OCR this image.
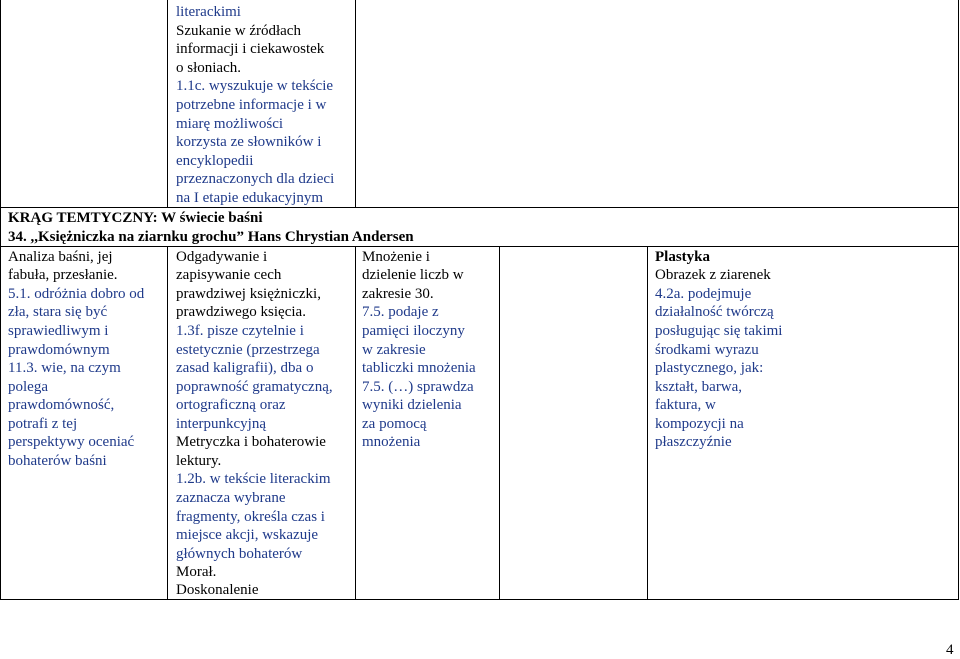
literackimi
Szukanie w źródłach
informacji i ciekawostek
o słoniach.
1.1c. wyszukuje w tekście
potrzebne informacje i w
miarę możliwości
korzysta ze słowników i
encyklopedii
przeznaczonych dla dzieci
na I etapie edukacyjnym
KRĄG TEMTYCZNY: W świecie baśni
34. ,,Księżniczka na ziarnku grochu” Hans Chrystian Andersen
Analiza baśni, jej
fabuła, przesłanie.
5.1. odróżnia dobro od
zła, stara się być
sprawiedliwym i
prawdomównym
11.3. wie, na czym
polega
prawdomówność,
potrafi z tej
perspektywy oceniać
bohaterów baśni
Odgadywanie i
zapisywanie cech
prawdziwej księżniczki,
prawdziwego księcia.
1.3f. pisze czytelnie i
estetycznie (przestrzega
zasad kaligrafii), dba o
poprawność gramatyczną,
ortograficzną oraz
interpunkcyjną
Metryczka i bohaterowie
lektury.
1.2b. w tekście literackim
zaznacza wybrane
fragmenty, określa czas i
miejsce akcji, wskazuje
głównych bohaterów
Morał.
Doskonalenie
Mnożenie i
dzielenie liczb w
zakresie 30.
7.5. podaje z
pamięci iloczyny
w zakresie
tabliczki mnożenia
7.5. (…) sprawdza
wyniki dzielenia
za pomocą
mnożenia
Plastyka
Obrazek z ziarenek
4.2a. podejmuje
działalność twórczą
posługując się takimi
środkami wyrazu
plastycznego, jak:
kształt, barwa,
faktura, w
kompozycji na
płaszczyźnie
4
